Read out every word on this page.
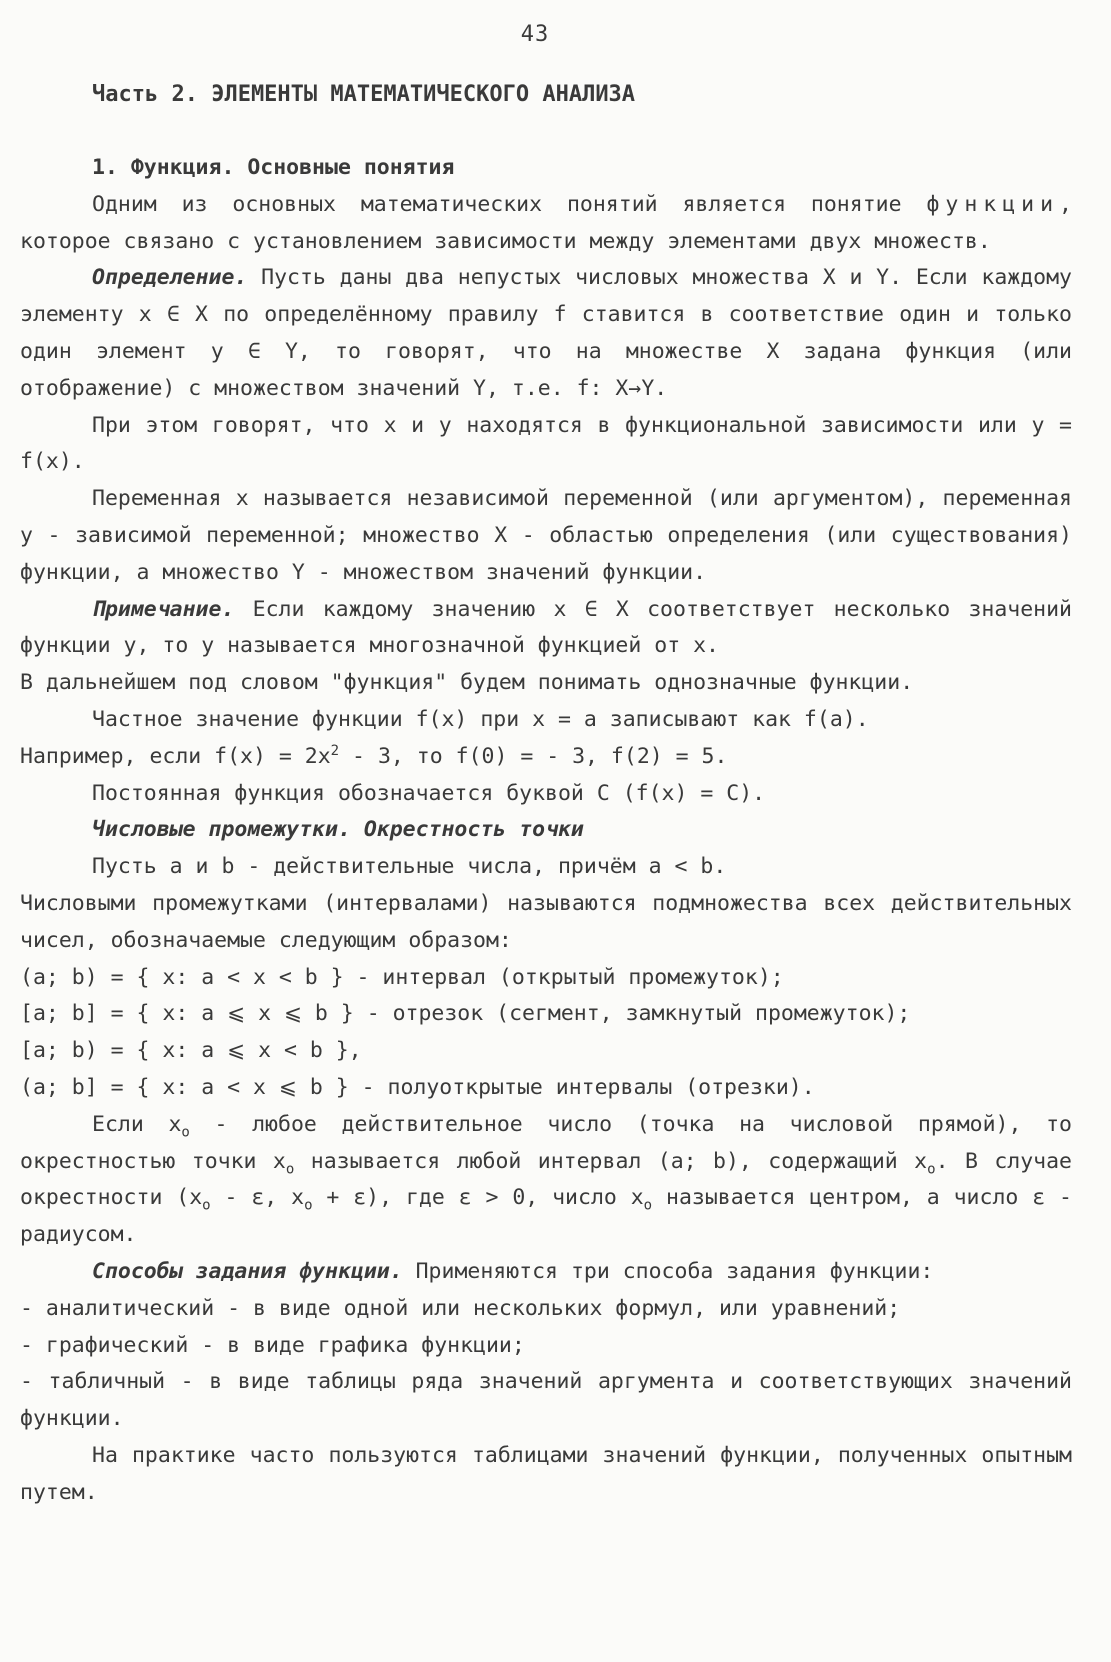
43
Часть 2. ЭЛЕМЕНТЫ МАТЕМАТИЧЕСКОГО АНАЛИЗА

1. Функция. Основные понятия

Одним из основных математических понятий является понятие функции, которое связано с установлением зависимости между элементами двух множеств.

Определение. Пусть даны два непустых числовых множества X и Y. Если каждому элементу x ∈ X по определённому правилу f ставится в соответствие один и только один элемент y ∈ Y, то говорят, что на множестве X задана функция (или отображение) с множеством значений Y, т.е. f: X→Y.

При этом говорят, что x и y находятся в функциональной зависимости или y = f(x).

Переменная x называется независимой переменной (или аргументом), переменная y - зависимой переменной; множество X - областью определения (или существования) функции, а множество Y - множеством значений функции.

Примечание. Если каждому значению x ∈ X соответствует несколько значений функции y, то y называется многозначной функцией от x.

В дальнейшем под словом "функция" будем понимать однозначные функции.

Частное значение функции f(x) при x = a записывают как f(a).

Например, если $f(x) = 2x^2 - 3$, то f(0) = - 3, f(2) = 5.

Постоянная функция обозначается буквой C (f(x) = C).

Числовые промежутки. Окрестность точки

Пусть a и b - действительные числа, причём a < b.

Числовыми промежутками (интервалами) называются подмножества всех действительных чисел, обозначаемые следующим образом:

(a; b) = { x: a < x < b } - интервал (открытый промежуток);

[a; b] = { x: a ⩽ x ⩽ b } - отрезок (сегмент, замкнутый промежуток);

[a; b) = { x: a ⩽ x < b },

(a; b] = { x: a < x ⩽ b } - полуоткрытые интервалы (отрезки).

Если $x_o$ - любое действительное число (точка на числовой прямой), то окрестностью точки $x_o$ называется любой интервал (a; b), содержащий $x_o$. В случае окрестности ($x_o$ - ε, $x_o + \varepsilon$), где ε > 0, число $x_o$ называется центром, а число ε - радиусом.

Способы задания функции. Применяются три способа задания функции:

- аналитический - в виде одной или нескольких формул, или уравнений;

- графический - в виде графика функции;

- табличный - в виде таблицы ряда значений аргумента и соответствующих значений функции.

На практике часто пользуются таблицами значений функции, полученных опытным путем.
